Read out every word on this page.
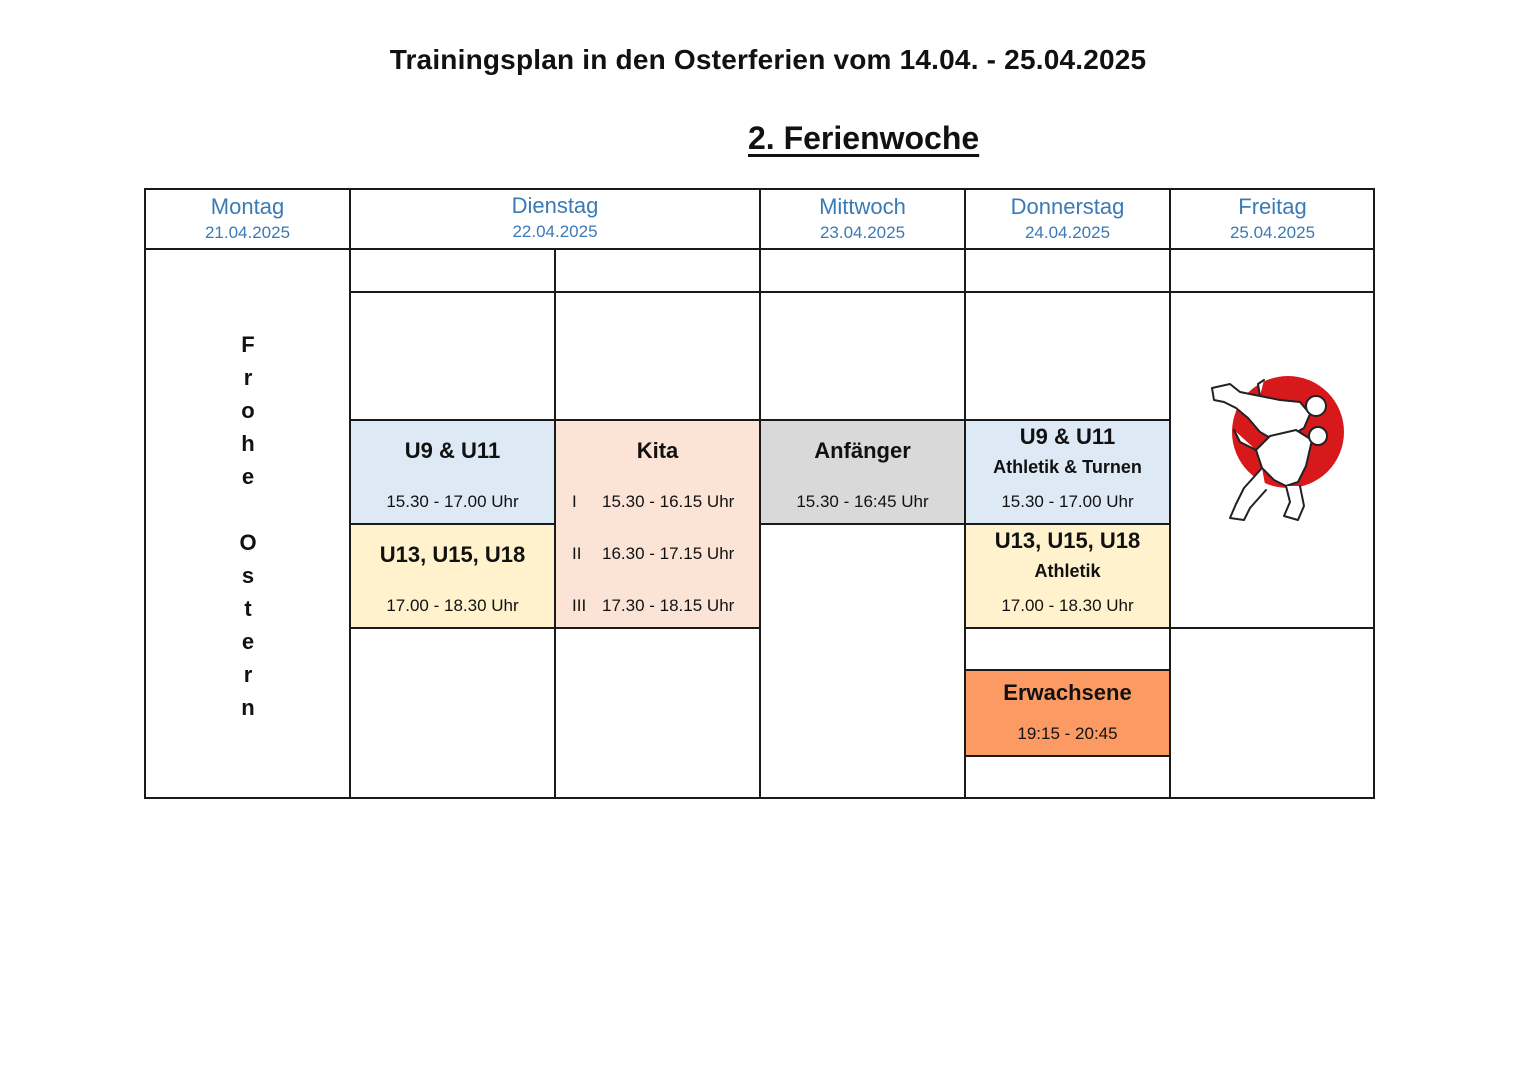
Trainingsplan in den Osterferien vom 14.04. - 25.04.2025
2. Ferienwoche
U9 & U11
15.30 - 17.00 Uhr
U13, U15, U18
17.00 - 18.30 Uhr
Kita
I 15.30 - 16.15 Uhr
II 16.30 - 17.15 Uhr
III 17.30 - 18.15 Uhr
Anfänger
15.30 - 16:45 Uhr
U9 & U11
Athletik & Turnen
15.30 - 17.00 Uhr
U13, U15, U18
Athletik
17.00 - 18.30 Uhr
Erwachsene
19:15 - 20:45
Montag
21.04.2025
Dienstag
22.04.2025
Mittwoch
23.04.2025
Donnerstag
24.04.2025
Freitag
25.04.2025
F
r
o
h
e
O
s
t
e
r
n
